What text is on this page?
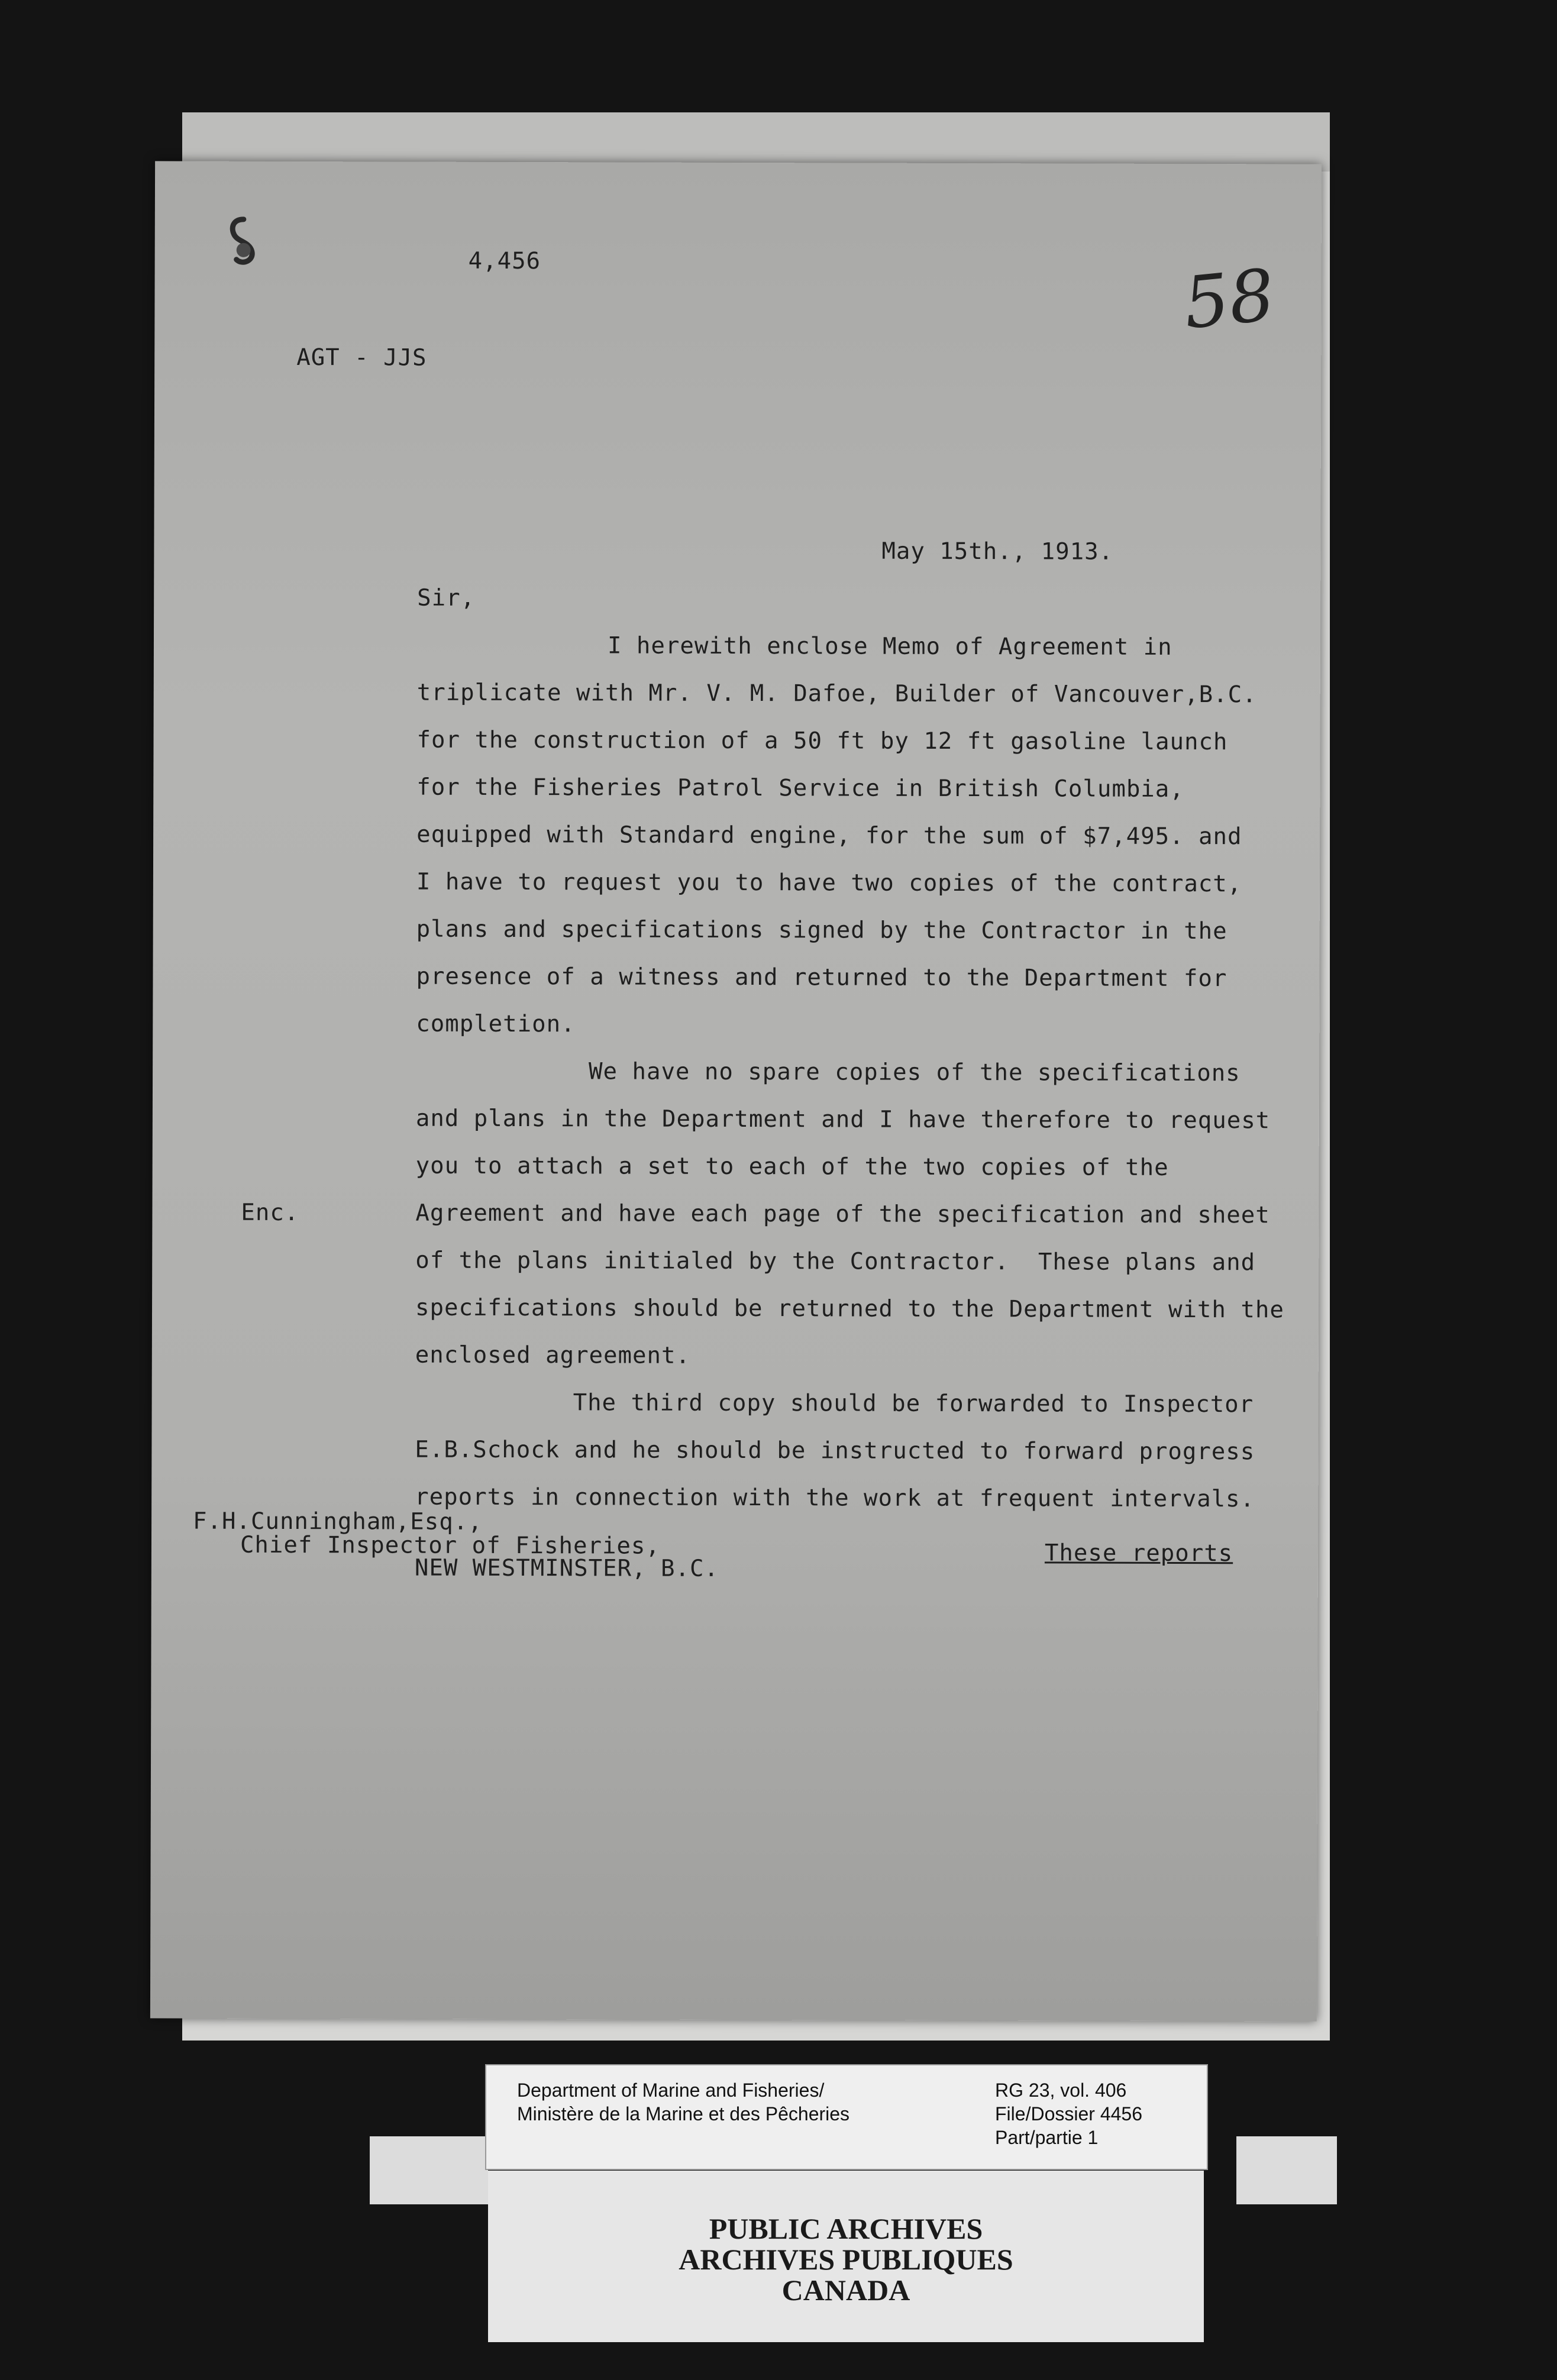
4,456	58
AGT - JJS
May 15th., 1913.
Sir,
I herewith enclose Memo of Agreement in
triplicate with Mr. V. M. Dafoe, Builder of Vancouver,B.C.
for the construction of a 50 ft by 12 ft gasoline launch
for the Fisheries Patrol Service in British Columbia,
equipped with Standard engine, for the sum of $7,495. and
I have to request you to have two copies of the contract,
plans and specifications signed by the Contractor in the
presence of a witness and returned to the Department for
completion.
We have no spare copies of the specifications
and plans in the Department and I have therefore to request
you to attach a set to each of the two copies of the
Enc.	Agreement and have each page of the specification and sheet
of the plans initialed by the Contractor.  These plans and
specifications should be returned to the Department with the
enclosed agreement.
The third copy should be forwarded to Inspector
E.B.Schock and he should be instructed to forward progress
reports in connection with the work at frequent intervals.
F.H.Cunningham,Esq.,
Chief Inspector of Fisheries,
NEW WESTMINSTER, B.C.
These reports
Department of Marine and Fisheries/
Ministère de la Marine et des Pêcheries
RG 23, vol. 406
File/Dossier 4456
Part/partie 1
PUBLIC ARCHIVES
ARCHIVES PUBLIQUES
CANADA
